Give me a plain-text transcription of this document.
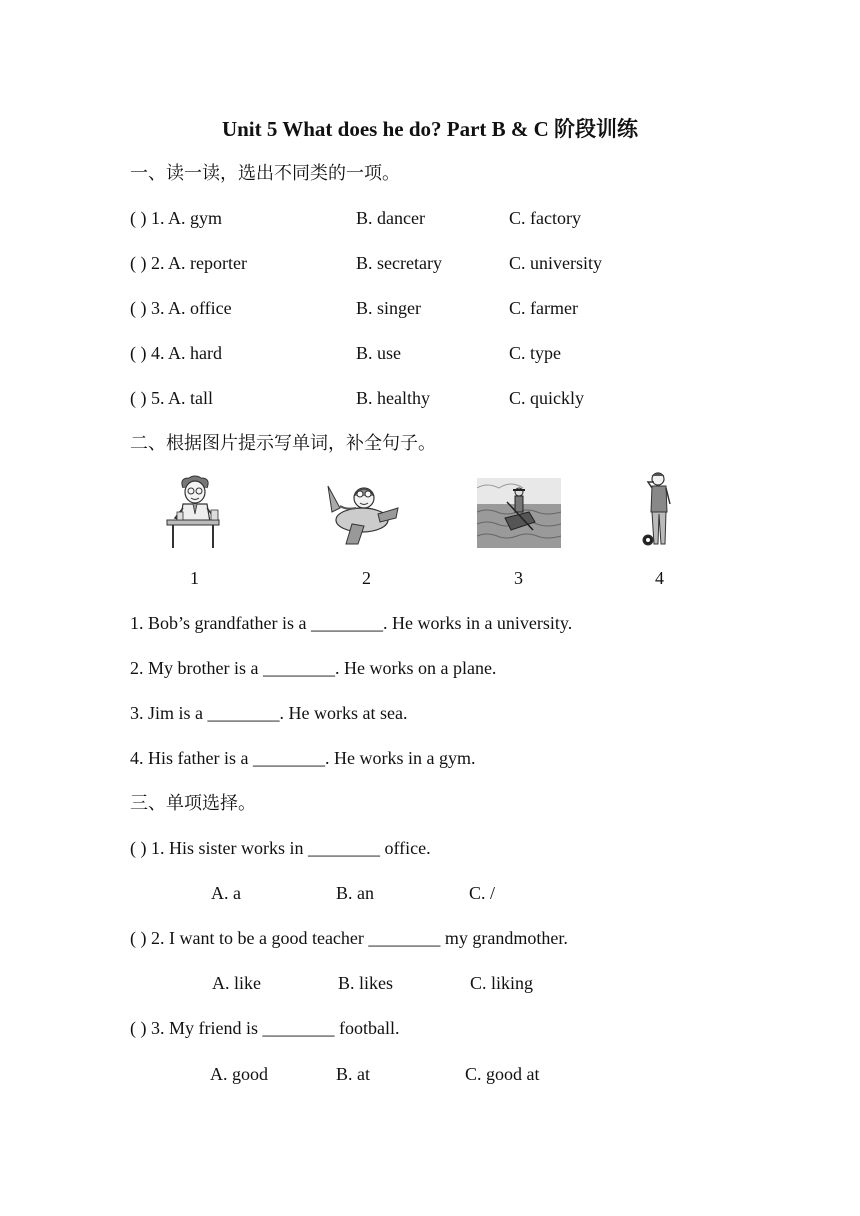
Unit 5 What does he do? Part B & C 阶段训练
一、读一读，选出不同类的一项。
( ) 1. A. gym	B. dancer	C. factory
( ) 2. A. reporter	B. secretary	C. university
( ) 3. A. office	B. singer	C. farmer
( ) 4. A. hard	B. use	C. type
( ) 5. A. tall	B. healthy	C. quickly
二、根据图片提示写单词，补全句子。
1	2	3	4
1. Bob’s grandfather is a ________. He works in a university.
2. My brother is a ________. He works on a plane.
3. Jim is a ________. He works at sea.
4. His father is a ________. He works in a gym.
三、单项选择。
( ) 1. His sister works in ________ office.
A. a	B. an	C. /
( ) 2. I want to be a good teacher ________ my grandmother.
A. like	B. likes	C. liking
( ) 3. My friend is ________ football.
A. good	B. at	C. good at
